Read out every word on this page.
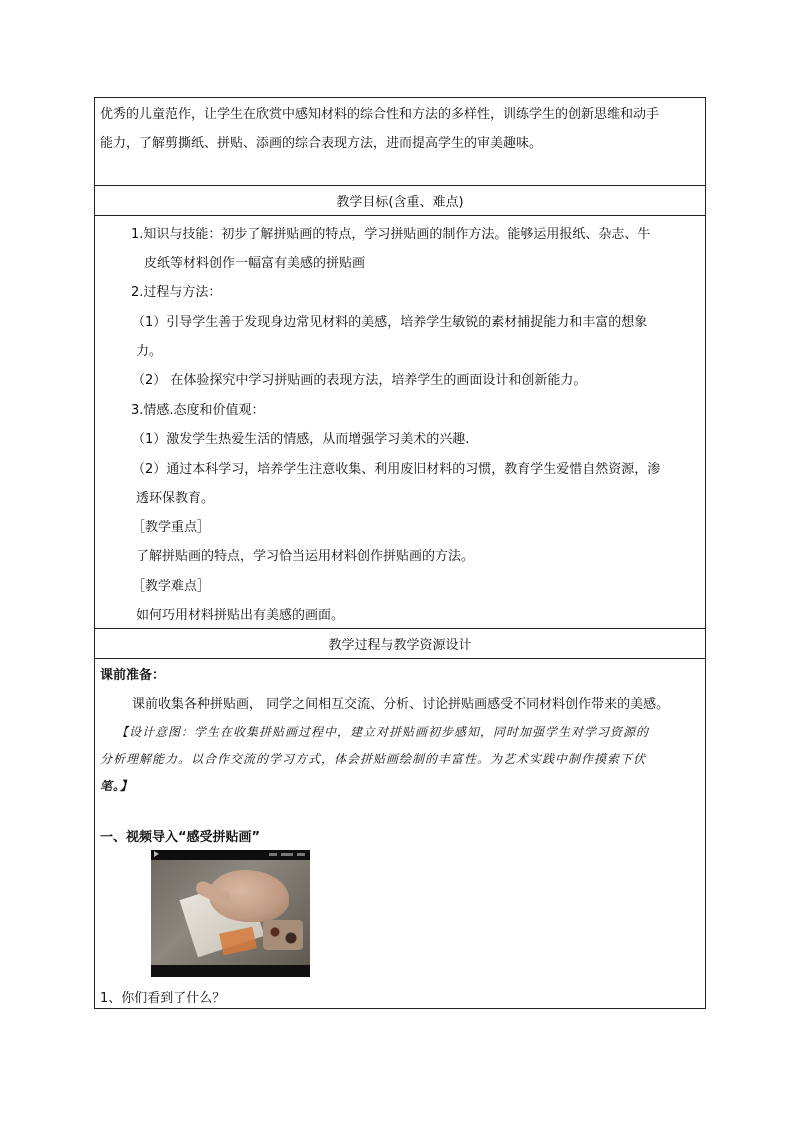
优秀的儿童范作，让学生在欣赏中感知材料的综合性和方法的多样性，训练学生的创新思维和动手
能力，了解剪撕纸、拼贴、添画的综合表现方法，进而提高学生的审美趣味。
教学目标(含重、难点)
1.知识与技能：初步了解拼贴画的特点，学习拼贴画的制作方法。能够运用报纸、杂志、牛
皮纸等材料创作一幅富有美感的拼贴画
2.过程与方法：
（1）引导学生善于发现身边常见材料的美感，培养学生敏锐的素材捕捉能力和丰富的想象
力。
（2） 在体验探究中学习拼贴画的表现方法，培养学生的画面设计和创新能力。
3.情感.态度和价值观：
（1）激发学生热爱生活的情感，从而增强学习美术的兴趣.
（2）通过本科学习，培养学生注意收集、利用废旧材料的习惯，教育学生爱惜自然资源，渗
透环保教育。
［教学重点］
了解拼贴画的特点，学习恰当运用材料创作拼贴画的方法。
［教学难点］
如何巧用材料拼贴出有美感的画面。
教学过程与教学资源设计
课前准备：
课前收集各种拼贴画， 同学之间相互交流、分析、讨论拼贴画感受不同材料创作带来的美感。
【设计意图：学生在收集拼贴画过程中，建立对拼贴画初步感知，同时加强学生对学习资源的
分析理解能力。以合作交流的学习方式，体会拼贴画绘制的丰富性。为艺术实践中制作摸索下伏
笔。】
一、视频导入“感受拼贴画”
1、你们看到了什么？
